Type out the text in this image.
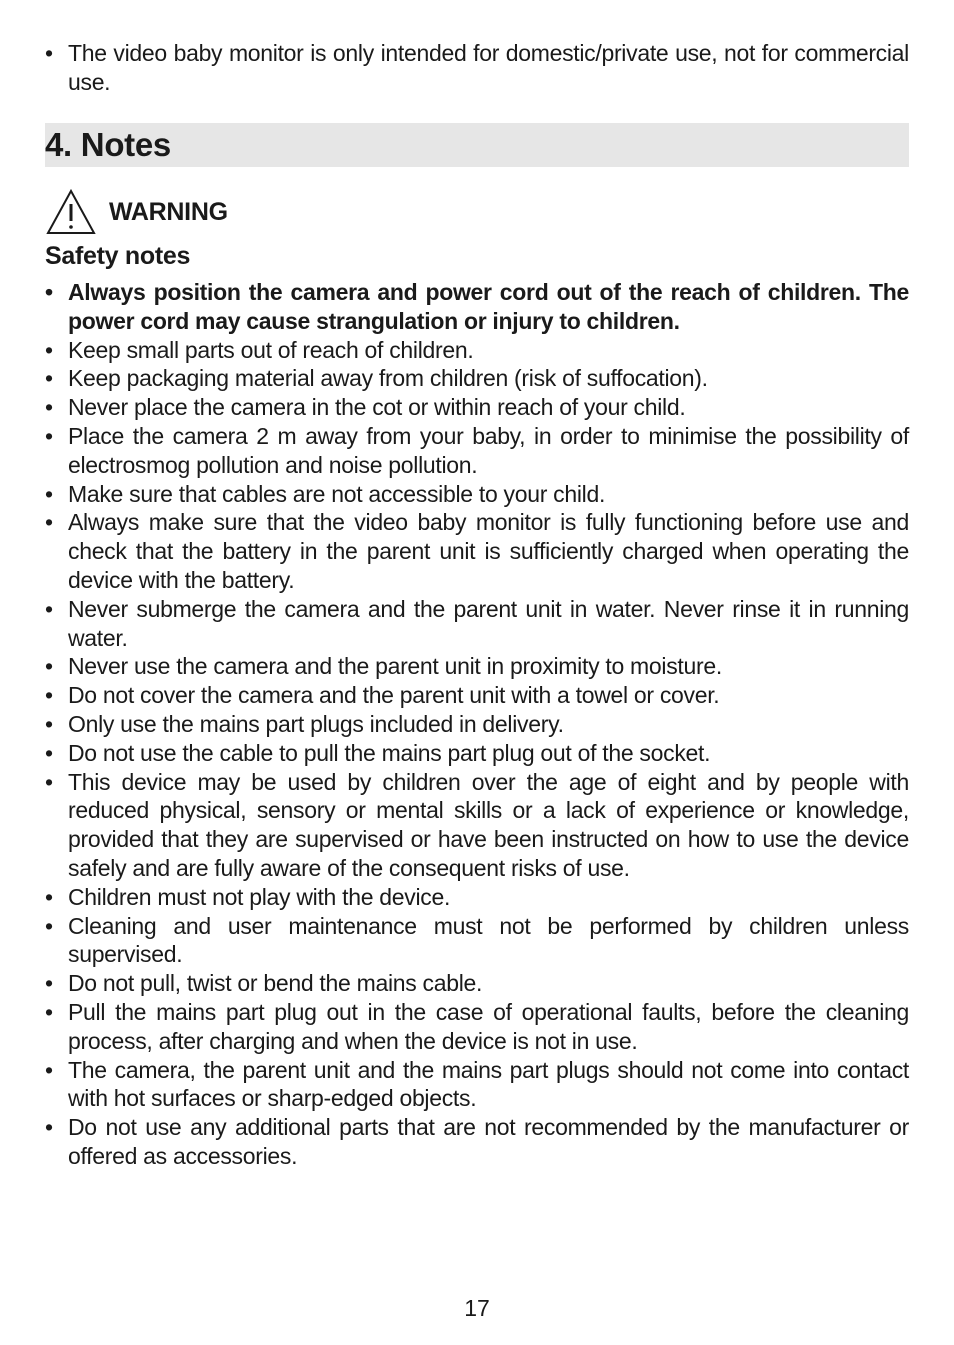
• The video baby monitor is only intended for domestic/private use, not for commercial use.
4. Notes
WARNING
Safety notes
• Always position the camera and power cord out of the reach of children. The power cord may cause strangulation or injury to children.
• Keep small parts out of reach of children.
• Keep packaging material away from children (risk of suffocation).
• Never place the camera in the cot or within reach of your child.
• Place the camera 2 m away from your baby, in order to minimise the possibility of electrosmog pollution and noise pollution.
• Make sure that cables are not accessible to your child.
• Always make sure that the video baby monitor is fully functioning before use and check that the battery in the parent unit is sufficiently charged when operating the device with the battery.
• Never submerge the camera and the parent unit in water. Never rinse it in running water.
• Never use the camera and the parent unit in proximity to moisture.
• Do not cover the camera and the parent unit with a towel or cover.
• Only use the mains part plugs included in delivery.
• Do not use the cable to pull the mains part plug out of the socket.
• This device may be used by children over the age of eight and by people with reduced physical, sensory or mental skills or a lack of experience or knowledge, provided that they are supervised or have been instructed on how to use the device safely and are fully aware of the consequent risks of use.
• Children must not play with the device.
• Cleaning and user maintenance must not be performed by children unless supervised.
• Do not pull, twist or bend the mains cable.
• Pull the mains part plug out in the case of operational faults, before the cleaning process, after charging and when the device is not in use.
• The camera, the parent unit and the mains part plugs should not come into contact with hot surfaces or sharp-edged objects.
• Do not use any additional parts that are not recommended by the manufacturer or offered as accessories.
17
